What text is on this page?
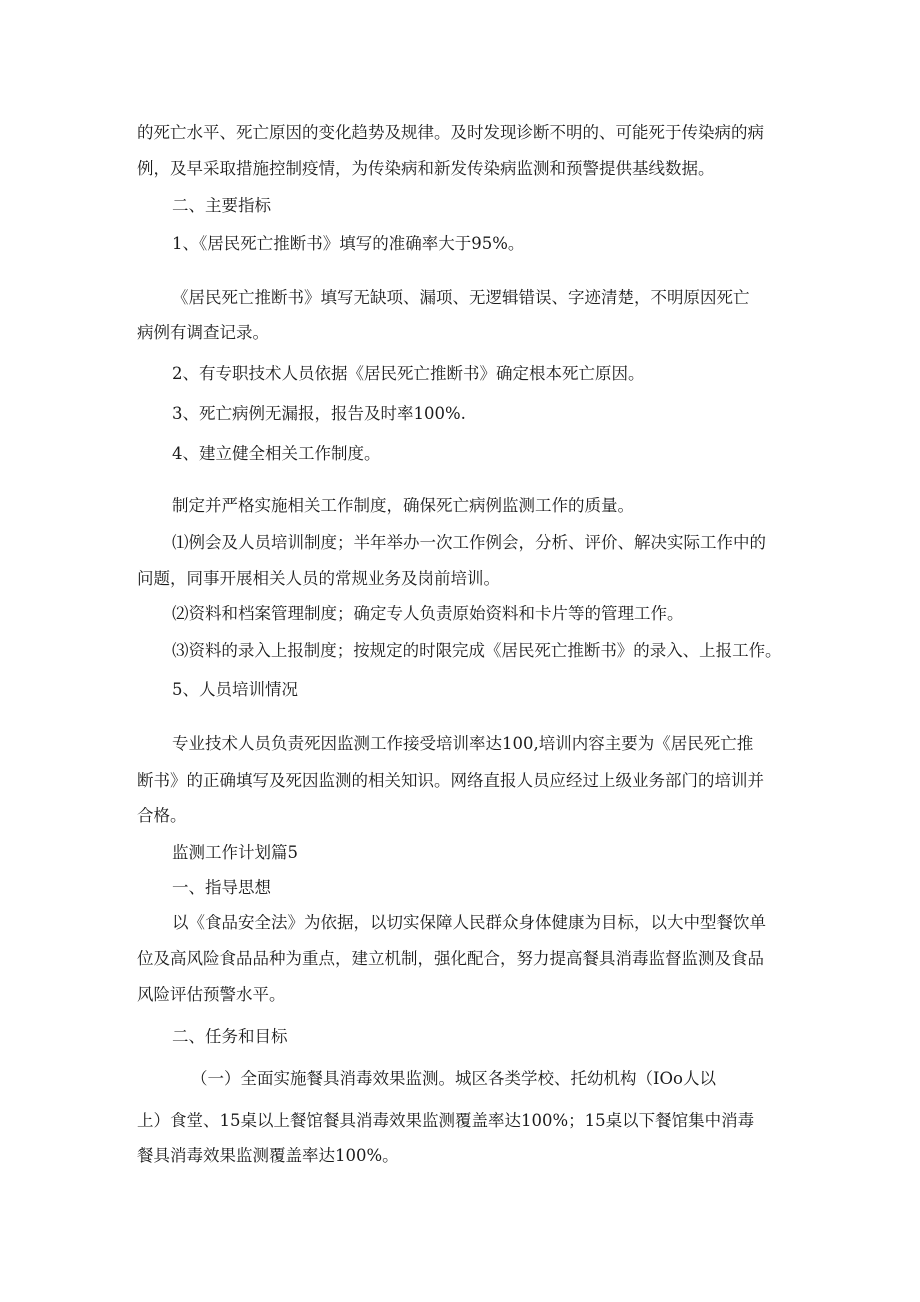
的死亡水平、死亡原因的变化趋势及规律。及时发现诊断不明的、可能死于传染病的病

例，及早采取措施控制疫情，为传染病和新发传染病监测和预警提供基线数据。

二、主要指标

1、《居民死亡推断书》填写的准确率大于95%。

《居民死亡推断书》填写无缺项、漏项、无逻辑错误、字迹清楚，不明原因死亡

病例有调查记录。

2、有专职技术人员依据《居民死亡推断书》确定根本死亡原因。

3、死亡病例无漏报，报告及时率100%.

4、建立健全相关工作制度。

制定并严格实施相关工作制度，确保死亡病例监测工作的质量。

⑴例会及人员培训制度；半年举办一次工作例会，分析、评价、解决实际工作中的

问题，同事开展相关人员的常规业务及岗前培训。

⑵资料和档案管理制度；确定专人负责原始资料和卡片等的管理工作。

⑶资料的录入上报制度；按规定的时限完成《居民死亡推断书》的录入、上报工作。

5、人员培训情况

专业技术人员负责死因监测工作接受培训率达100,培训内容主要为《居民死亡推

断书》的正确填写及死因监测的相关知识。网络直报人员应经过上级业务部门的培训并

合格。

监测工作计划篇5

一、指导思想

以《食品安全法》为依据，以切实保障人民群众身体健康为目标，以大中型餐饮单

位及高风险食品品种为重点，建立机制，强化配合，努力提高餐具消毒监督监测及食品

风险评估预警水平。

二、任务和目标

（一）全面实施餐具消毒效果监测。城区各类学校、托幼机构（IOo人以

上）食堂、15桌以上餐馆餐具消毒效果监测覆盖率达100%；15桌以下餐馆集中消毒

餐具消毒效果监测覆盖率达100%。
